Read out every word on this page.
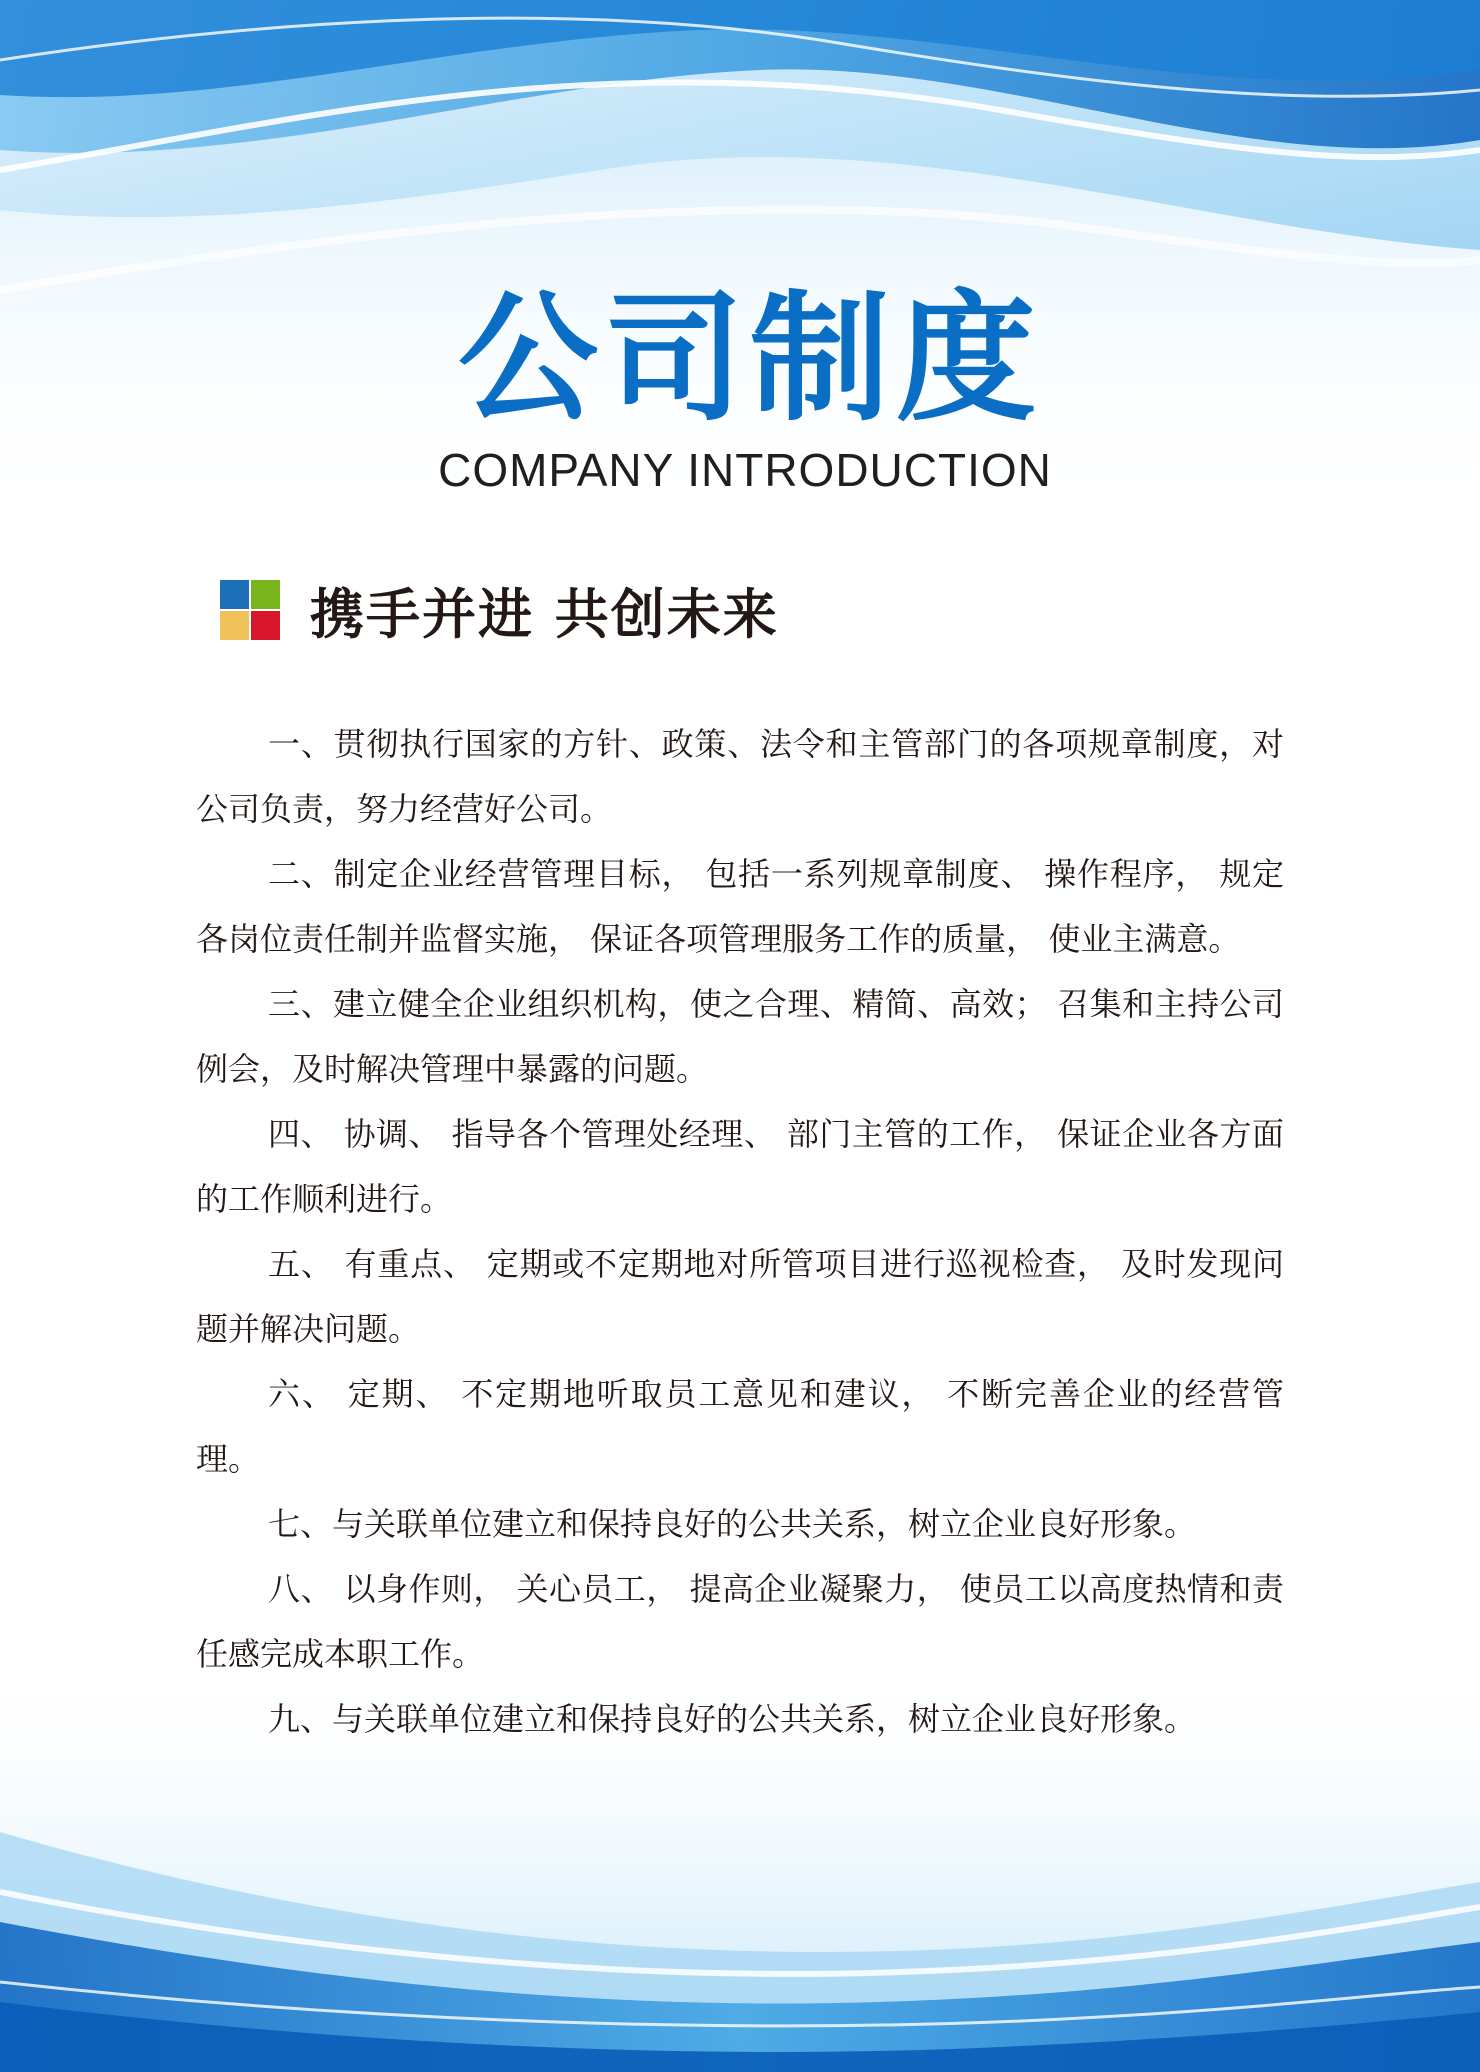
公司制度
COMPANY INTRODUCTION
携手并进 共创未来

一、贯彻执行国家的方针、政策、法令和主管部门的各项规章制度，对公司负责，努力经营好公司。

二、制定企业经营管理目标， 包括一系列规章制度、 操作程序， 规定各岗位责任制并监督实施， 保证各项管理服务工作的质量， 使业主满意。

三、建立健全企业组织机构，使之合理、精简、高效； 召集和主持公司例会，及时解决管理中暴露的问题。

四、 协调、 指导各个管理处经理、 部门主管的工作， 保证企业各方面的工作顺利进行。

五、 有重点、 定期或不定期地对所管项目进行巡视检查， 及时发现问题并解决问题。

六、 定期、 不定期地听取员工意见和建议， 不断完善企业的经营管理。

七、与关联单位建立和保持良好的公共关系，树立企业良好形象。

八、 以身作则， 关心员工， 提高企业凝聚力， 使员工以高度热情和责任感完成本职工作。

九、与关联单位建立和保持良好的公共关系，树立企业良好形象。
